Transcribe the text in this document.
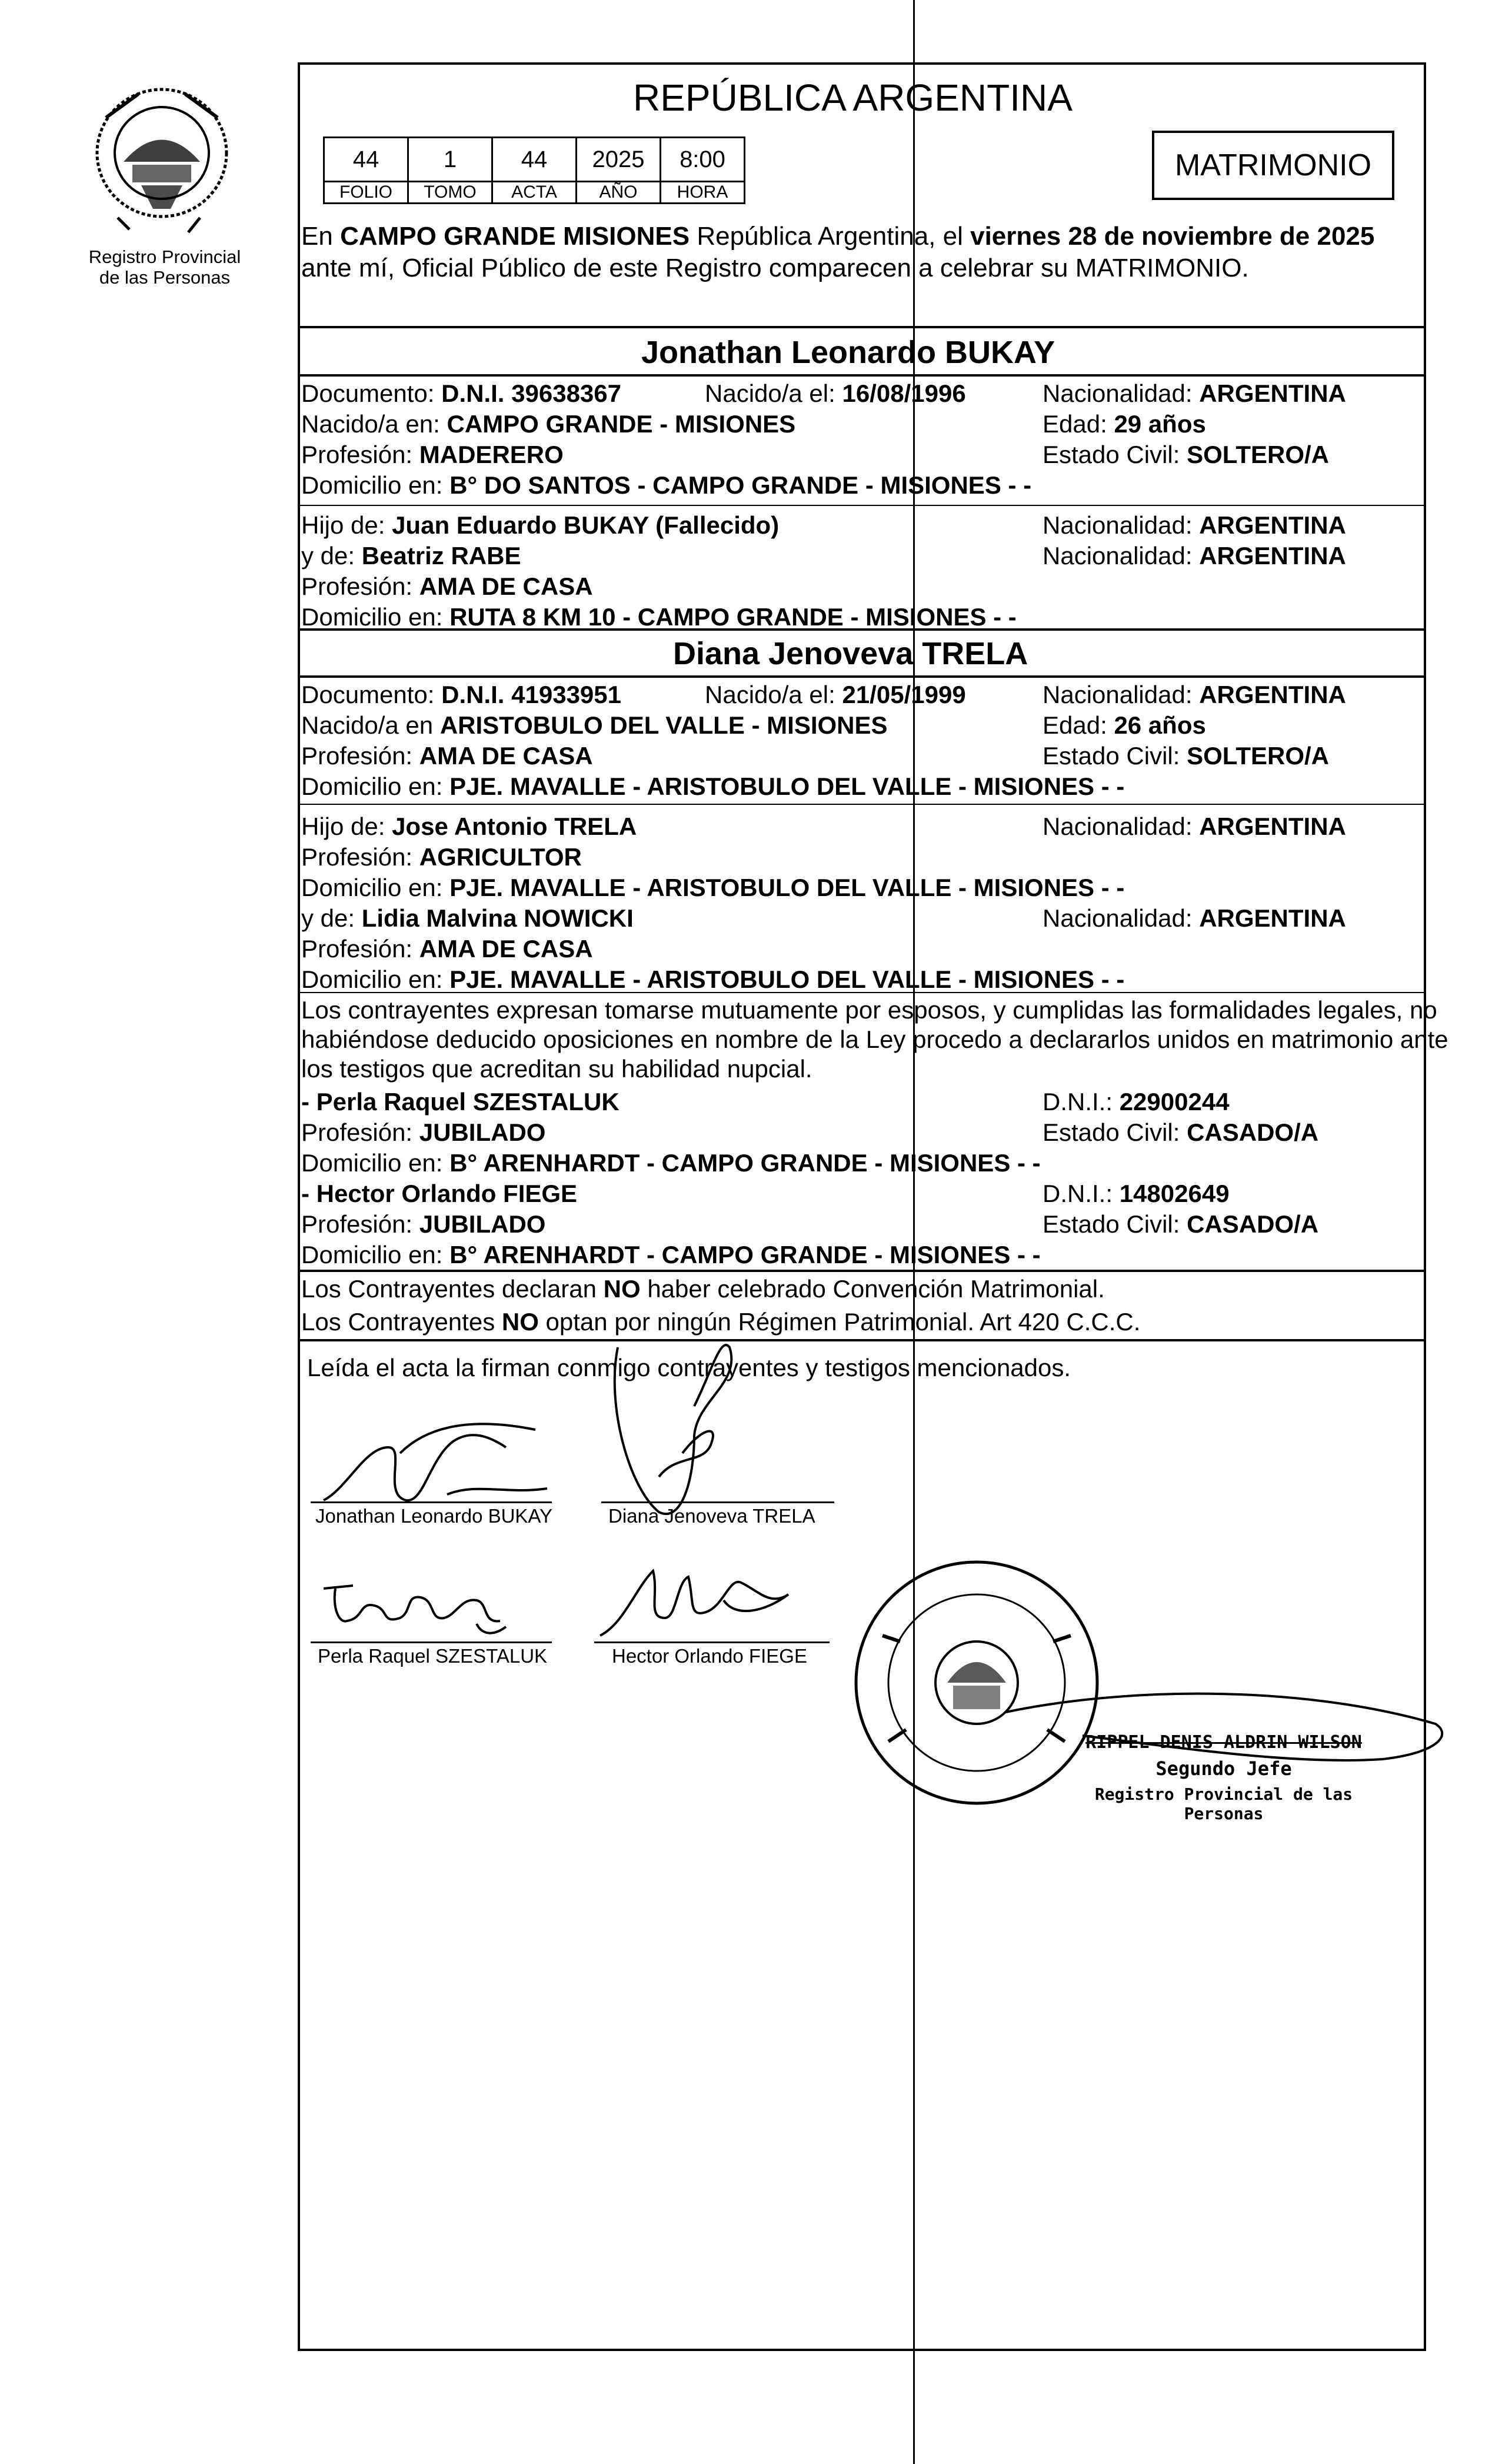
Registro Provincial
de las Personas
REPÚBLICA ARGENTINA
44	1	44	2025	8:00
FOLIO	TOMO	ACTA	AÑO	HORA
MATRIMONIO
En CAMPO GRANDE MISIONES República Argentina, el viernes 28 de noviembre de 2025
ante mí, Oficial Público de este Registro comparecen a celebrar su MATRIMONIO.
Jonathan Leonardo BUKAY
Documento: D.N.I. 39638367	Nacido/a el: 16/08/1996	Nacionalidad: ARGENTINA
Nacido/a en: CAMPO GRANDE - MISIONES	Edad: 29 años
Profesión: MADERERO	Estado Civil: SOLTERO/A
Domicilio en: B° DO SANTOS - CAMPO GRANDE - MISIONES - -
Hijo de: Juan Eduardo BUKAY (Fallecido)	Nacionalidad: ARGENTINA
y de: Beatriz RABE	Nacionalidad: ARGENTINA
Profesión: AMA DE CASA
Domicilio en: RUTA 8 KM 10 - CAMPO GRANDE - MISIONES - -
Diana Jenoveva TRELA
Documento: D.N.I. 41933951	Nacido/a el: 21/05/1999	Nacionalidad: ARGENTINA
Nacido/a en ARISTOBULO DEL VALLE - MISIONES	Edad: 26 años
Profesión: AMA DE CASA	Estado Civil: SOLTERO/A
Domicilio en: PJE. MAVALLE - ARISTOBULO DEL VALLE - MISIONES - -
Hijo de: Jose Antonio TRELA	Nacionalidad: ARGENTINA
Profesión: AGRICULTOR
Domicilio en: PJE. MAVALLE - ARISTOBULO DEL VALLE - MISIONES - -
y de: Lidia Malvina NOWICKI	Nacionalidad: ARGENTINA
Profesión: AMA DE CASA
Domicilio en: PJE. MAVALLE - ARISTOBULO DEL VALLE - MISIONES - -
Los contrayentes expresan tomarse mutuamente por esposos, y cumplidas las formalidades legales, no
habiéndose deducido oposiciones en nombre de la Ley procedo a declararlos unidos en matrimonio ante
los testigos que acreditan su habilidad nupcial.
- Perla Raquel SZESTALUK	D.N.I.: 22900244
Profesión: JUBILADO	Estado Civil: CASADO/A
Domicilio en: B° ARENHARDT - CAMPO GRANDE - MISIONES - -
- Hector Orlando FIEGE	D.N.I.: 14802649
Profesión: JUBILADO	Estado Civil: CASADO/A
Domicilio en: B° ARENHARDT - CAMPO GRANDE - MISIONES - -
Los Contrayentes declaran NO haber celebrado Convención Matrimonial.
Los Contrayentes NO optan por ningún Régimen Patrimonial. Art 420 C.C.C.
Leída el acta la firman conmigo contrayentes y testigos mencionados.
Jonathan Leonardo BUKAY	Diana Jenoveva TRELA
Perla Raquel SZESTALUK	Hector Orlando FIEGE
RIPPEL DENIS ALDRIN WILSON
Segundo Jefe
Registro Provincial de las Personas
